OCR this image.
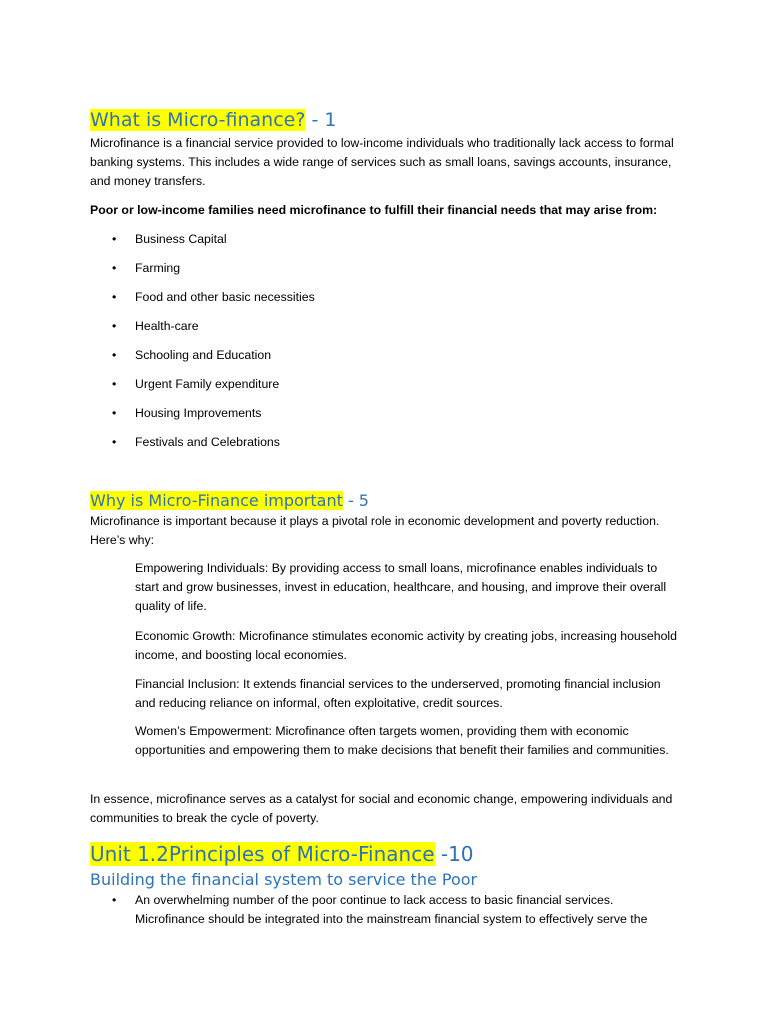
What is Micro-finance? - 1

Microfinance is a financial service provided to low-income individuals who traditionally lack access to formal banking systems. This includes a wide range of services such as small loans, savings accounts, insurance, and money transfers.

Poor or low-income families need microfinance to fulfill their financial needs that may arise from:

• Business Capital
• Farming
• Food and other basic necessities
• Health-care
• Schooling and Education
• Urgent Family expenditure
• Housing Improvements
• Festivals and Celebrations
Why is Micro-Finance important - 5

Microfinance is important because it plays a pivotal role in economic development and poverty reduction. Here’s why:

Empowering Individuals: By providing access to small loans, microfinance enables individuals to start and grow businesses, invest in education, healthcare, and housing, and improve their overall quality of life.

Economic Growth: Microfinance stimulates economic activity by creating jobs, increasing household income, and boosting local economies.

Financial Inclusion: It extends financial services to the underserved, promoting financial inclusion and reducing reliance on informal, often exploitative, credit sources.

Women’s Empowerment: Microfinance often targets women, providing them with economic opportunities and empowering them to make decisions that benefit their families and communities.

In essence, microfinance serves as a catalyst for social and economic change, empowering individuals and communities to break the cycle of poverty.

Unit 1.2Principles of Micro-Finance -10
Building the financial system to service the Poor
• An overwhelming number of the poor continue to lack access to basic financial services. Microfinance should be integrated into the mainstream financial system to effectively serve the
